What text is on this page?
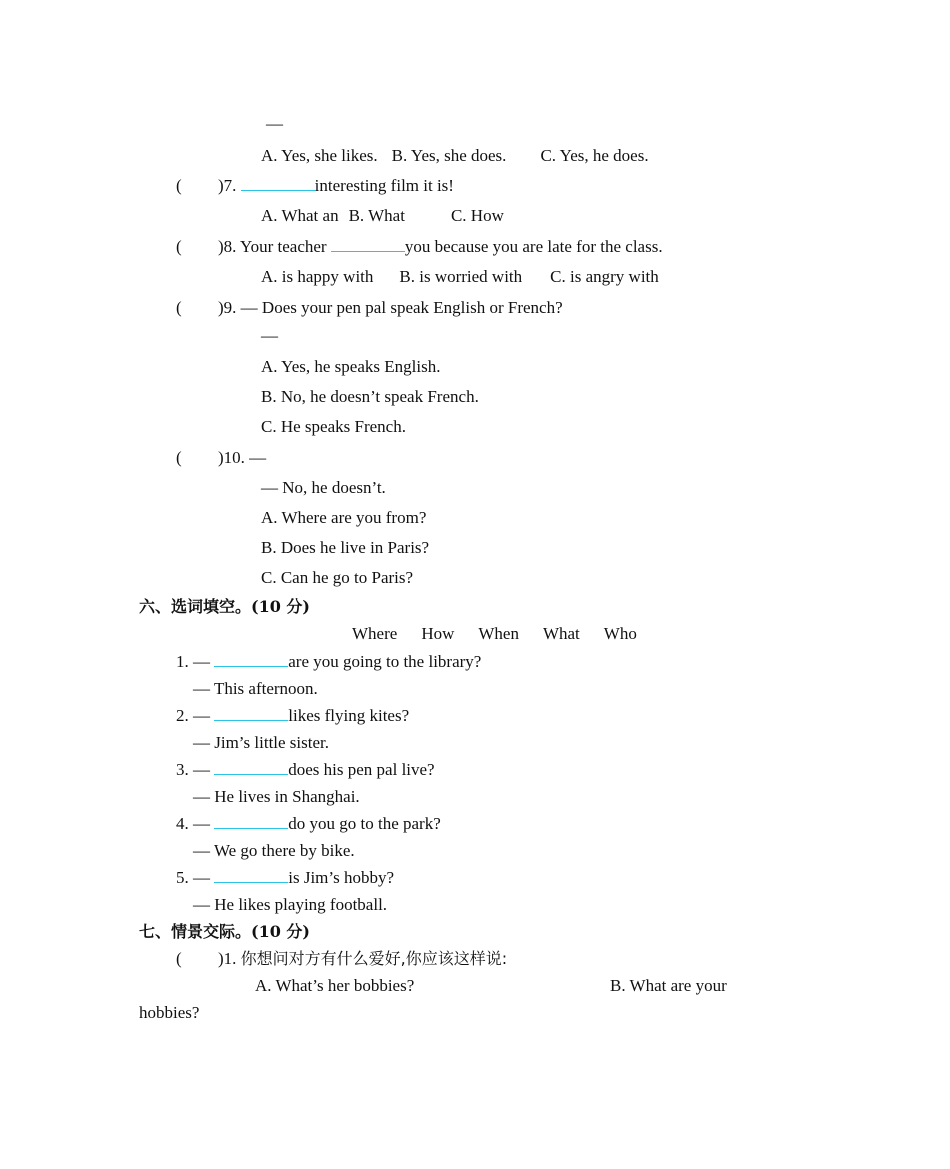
—
A. Yes, she likes. B. Yes, she does. C. Yes, he does.
( )7.	interesting film it is!
A. What an B. What	C. How
( )8. Your teacher	you because you are late for the class.
A. is happy with B. is worried with C. is angry with
( )9. — Does your pen pal speak English or French?
—
A. Yes, he speaks English.
B. No, he doesn’t speak French.
C. He speaks French.
( )10. —
— No, he doesn’t.
A. Where are you from?
B. Does he live in Paris?
C. Can he go to Paris?
六、选词填空。(10 分)
Where How When What Who
1. —	are you going to the library?
— This afternoon.
2. —	likes flying kites?
— Jim’s little sister.
3. —	does his pen pal live?
— He lives in Shanghai.
4. —	do you go to the park?
— We go there by bike.
5. —	is Jim’s hobby?
— He likes playing football.
七、情景交际。(10 分)
( )1. 你想问对方有什么爱好,你应该这样说:
A. What’s her bobbies?	B. What are your
hobbies?
